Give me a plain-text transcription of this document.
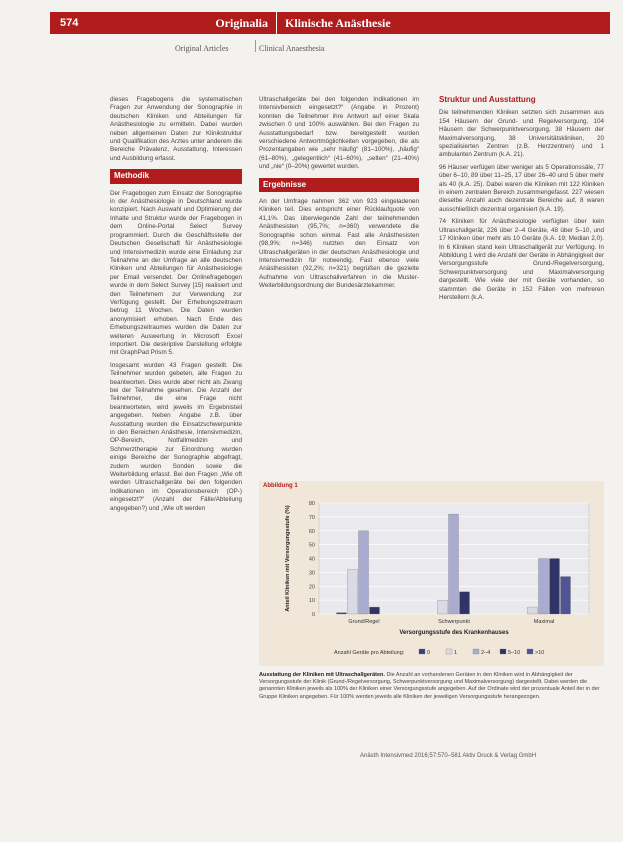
574	Originalia	Klinische Anästhesie
Original Articles	Clinical Anaesthesia

dieses Fragebogens die systematischen Fragen zur Anwendung der Sonographie in deutschen Kliniken und Abteilungen für Anästhesiologie zu ermitteln. Dabei wurden neben allgemeinen Daten zur Klinikstruktur und Qualifikation des Arztes unter anderem die Bereiche Prävalenz, Ausstattung, Interessen und Ausbildung erfasst.

Methodik

Der Fragebogen zum Einsatz der Sonographie in der Anästhesiologie in Deutschland wurde konzipiert. Nach Auswahl und Optimierung der Inhalte und Struktur wurde der Fragebogen in dem Online-Portal Select Survey programmiert. Durch die Geschäftsstelle der Deutschen Gesellschaft für Anästhesiologie und Intensivmedizin wurde eine Einladung zur Teilnahme an der Umfrage an alle deutschen Kliniken und Abteilungen für Anästhesiologie per Email versendet. Der Onlinefragebogen wurde in dem Select Survey [15] realisiert und den Teilnehmern zur Verwendung zur Verfügung gestellt. Der Erhebungszeitraum betrug 11 Wochen. Die Daten wurden anonymisiert erhoben. Nach Ende des Erhebungszeitraumes wurden die Daten zur weiteren Auswertung in Microsoft Excel importiert. Die deskriptive Darstellung erfolgte mit GraphPad Prism 5.

Insgesamt wurden 43 Fragen gestellt. Die Teilnehmer wurden gebeten, alle Fragen zu beantworten. Dies wurde aber nicht als Zwang bei der Teilnahme gesehen. Die Anzahl der Teilnehmer, die eine Frage nicht beantworteten, wird jeweils im Ergebnisteil angegeben. Neben Angabe z.B. über Ausstattung wurden die Einsatzschwerpunkte in den Bereichen Anästhesie, Intensivmedizin, OP-Bereich, Notfallmedizin und Schmerztherapie zur Einordnung wurden einige Bereiche der Sonographie abgefragt, zudem wurden Sonden sowie die Weiterbildung erfasst. Bei den Fragen „Wie oft werden Ultraschallgeräte bei den folgenden Indikationen im Operationsbereich (OP-) eingesetzt?“ (Anzahl der Fälle/Abteilung angegeben?) und „Wie oft werden

Ultraschallgeräte bei den folgenden Indikationen im Intensivbereich eingesetzt?“ (Angabe in Prozent) konnten die Teilnehmer ihre Antwort auf einer Skala zwischen 0 und 100% auswählen. Bei den Fragen zu Ausstattungsbedarf bzw. bereitgestellt wurden verschiedene Antwortmöglichkeiten vorgegeben, die als Prozentangaben wie „sehr häufig“ (81–100%), „häufig“ (61–80%), „gelegentlich“ (41–60%), „selten“ (21–40%) und „nie“ (0–20%) gewertet wurden.

Ergebnisse

An der Umfrage nahmen 362 von 923 eingeladenen Kliniken teil. Dies entspricht einer Rücklaufquote von 41,1%. Das überwiegende Zahl der teilnehmenden Anästhesisten (95,7%; n=360) verwendete die Sonographie schon einmal. Fast alle Anästhesisten (98,9%; n=346) nutzten den Einsatz von Ultraschallgeräten in der deutschen Anästhesiologie und Intensivmedizin für notwendig. Fast ebenso viele Anästhesisten (92,2%; n=321) begrüßen die gezielte Aufnahme von Ultraschallverfahren in die Muster-Weiterbildungsordnung der Bundesärztekammer.

Struktur und Ausstattung

Die teilnehmenden Kliniken setzten sich zusammen aus 154 Häusern der Grund- und Regelversorgung, 104 Häusern der Schwerpunktversorgung, 38 Häusern der Maximalversorgung, 38 Universitätskliniken, 20 spezialisierten Zentren (z.B. Herzzentren) und 1 ambulanten Zentrum (k.A. 21).

96 Häuser verfügen über weniger als 5 Operationssäle, 77 über 6–10, 89 über 11–25, 17 über 26–40 und 5 über mehr als 40 (k.A. 25). Dabei waren die Kliniken mit 122 Kliniken in einem zentralen Bereich zusammengefasst. 227 wiesen dieselbe Anzahl auch dezentrale Bereiche auf, 8 waren ausschließlich dezentral organisiert (k.A. 19).

74 Kliniken für Anästhesiologie verfügten über kein Ultraschallgerät, 226 über 2–4 Geräte, 48 über 5–10, und 17 Kliniken über mehr als 10 Geräte (k.A. 19; Median 2,0). In 6 Kliniken stand kein Ultraschallgerät zur Verfügung. In Abbildung 1 wird die Anzahl der Geräte in Abhängigkeit der Versorgungsstufe Grund-/Regelversorgung, Schwerpunktversorgung und Maximalversorgung dargestellt. Wie viele der mit Geräte vorhanden, so stammten die Geräte in 152 Fällen von mehreren Herstellern (k.A.

Abbildung 1
0
10
20
30
40
50
60
70
80
Grund/Regel	Schwerpunkt	Maximal
Versorgungsstufe des Krankenhauses
Anteil Kliniken mit Versorgungsstufe (%)
Anzahl Geräte pro Abteilung:	0	1	2–4	5–10	>10
Ausstattung der Kliniken mit Ultraschallgeräten. Die Anzahl an vorhandenen Geräten in den Kliniken wird in Abhängigkeit der Versorgungsstufe der Klinik (Grund-/Regelversorgung, Schwerpunktversorgung und Maximalversorgung) dargestellt. Dabei werden die genannten Kliniken jeweils als 100% der Kliniken einer Versorgungsstufe angegeben. Auf der Ordinate wird der prozentuale Anteil der in der Gruppe Kliniken angegeben. Für 100% werden jeweils alle Kliniken der jeweiligen Versorgungsstufe herangezogen.
Anästh Intensivmed 2016;57:570–581 Aktiv Druck & Verlag GmbH
